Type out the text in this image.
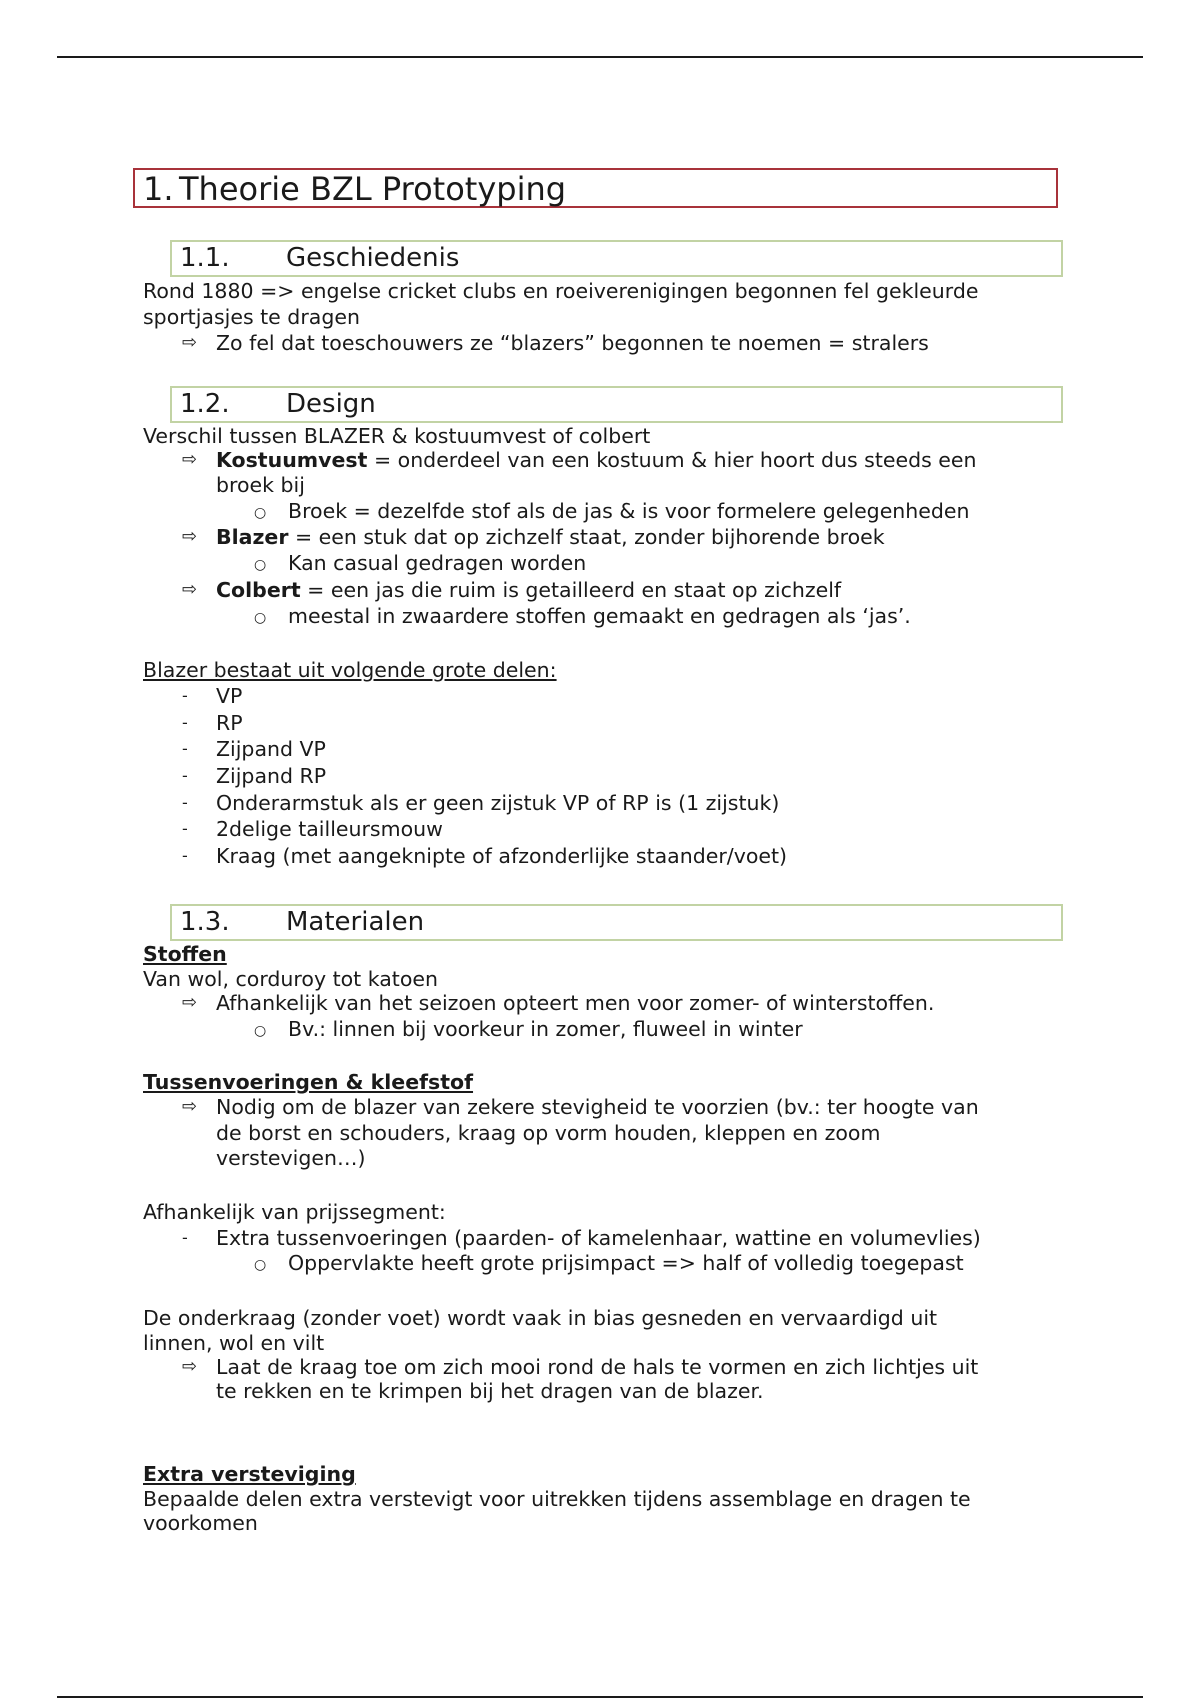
1. Theorie BZL Prototyping
1.1. Geschiedenis
Rond 1880 => engelse cricket clubs en roeiverenigingen begonnen fel gekleurde
sportjasjes te dragen
⇨ Zo fel dat toeschouwers ze “blazers” begonnen te noemen = stralers
1.2. Design
Verschil tussen BLAZER & kostuumvest of colbert
⇨ Kostuumvest = onderdeel van een kostuum & hier hoort dus steeds een
broek bij
○ Broek = dezelfde stof als de jas & is voor formelere gelegenheden
⇨ Blazer = een stuk dat op zichzelf staat, zonder bijhorende broek
○ Kan casual gedragen worden
⇨ Colbert = een jas die ruim is getailleerd en staat op zichzelf
○ meestal in zwaardere stoffen gemaakt en gedragen als ‘jas’.
Blazer bestaat uit volgende grote delen:
- VP
- RP
- Zijpand VP
- Zijpand RP
- Onderarmstuk als er geen zijstuk VP of RP is (1 zijstuk)
- 2delige tailleursmouw
- Kraag (met aangeknipte of afzonderlijke staander/voet)
1.3. Materialen
Stoffen
Van wol, corduroy tot katoen
⇨ Afhankelijk van het seizoen opteert men voor zomer- of winterstoffen.
○ Bv.: linnen bij voorkeur in zomer, fluweel in winter
Tussenvoeringen & kleefstof
⇨ Nodig om de blazer van zekere stevigheid te voorzien (bv.: ter hoogte van
de borst en schouders, kraag op vorm houden, kleppen en zoom
verstevigen…)
Afhankelijk van prijssegment:
- Extra tussenvoeringen (paarden- of kamelenhaar, wattine en volumevlies)
○ Oppervlakte heeft grote prijsimpact => half of volledig toegepast
De onderkraag (zonder voet) wordt vaak in bias gesneden en vervaardigd uit
linnen, wol en vilt
⇨ Laat de kraag toe om zich mooi rond de hals te vormen en zich lichtjes uit
te rekken en te krimpen bij het dragen van de blazer.
Extra versteviging
Bepaalde delen extra verstevigt voor uitrekken tijdens assemblage en dragen te
voorkomen
